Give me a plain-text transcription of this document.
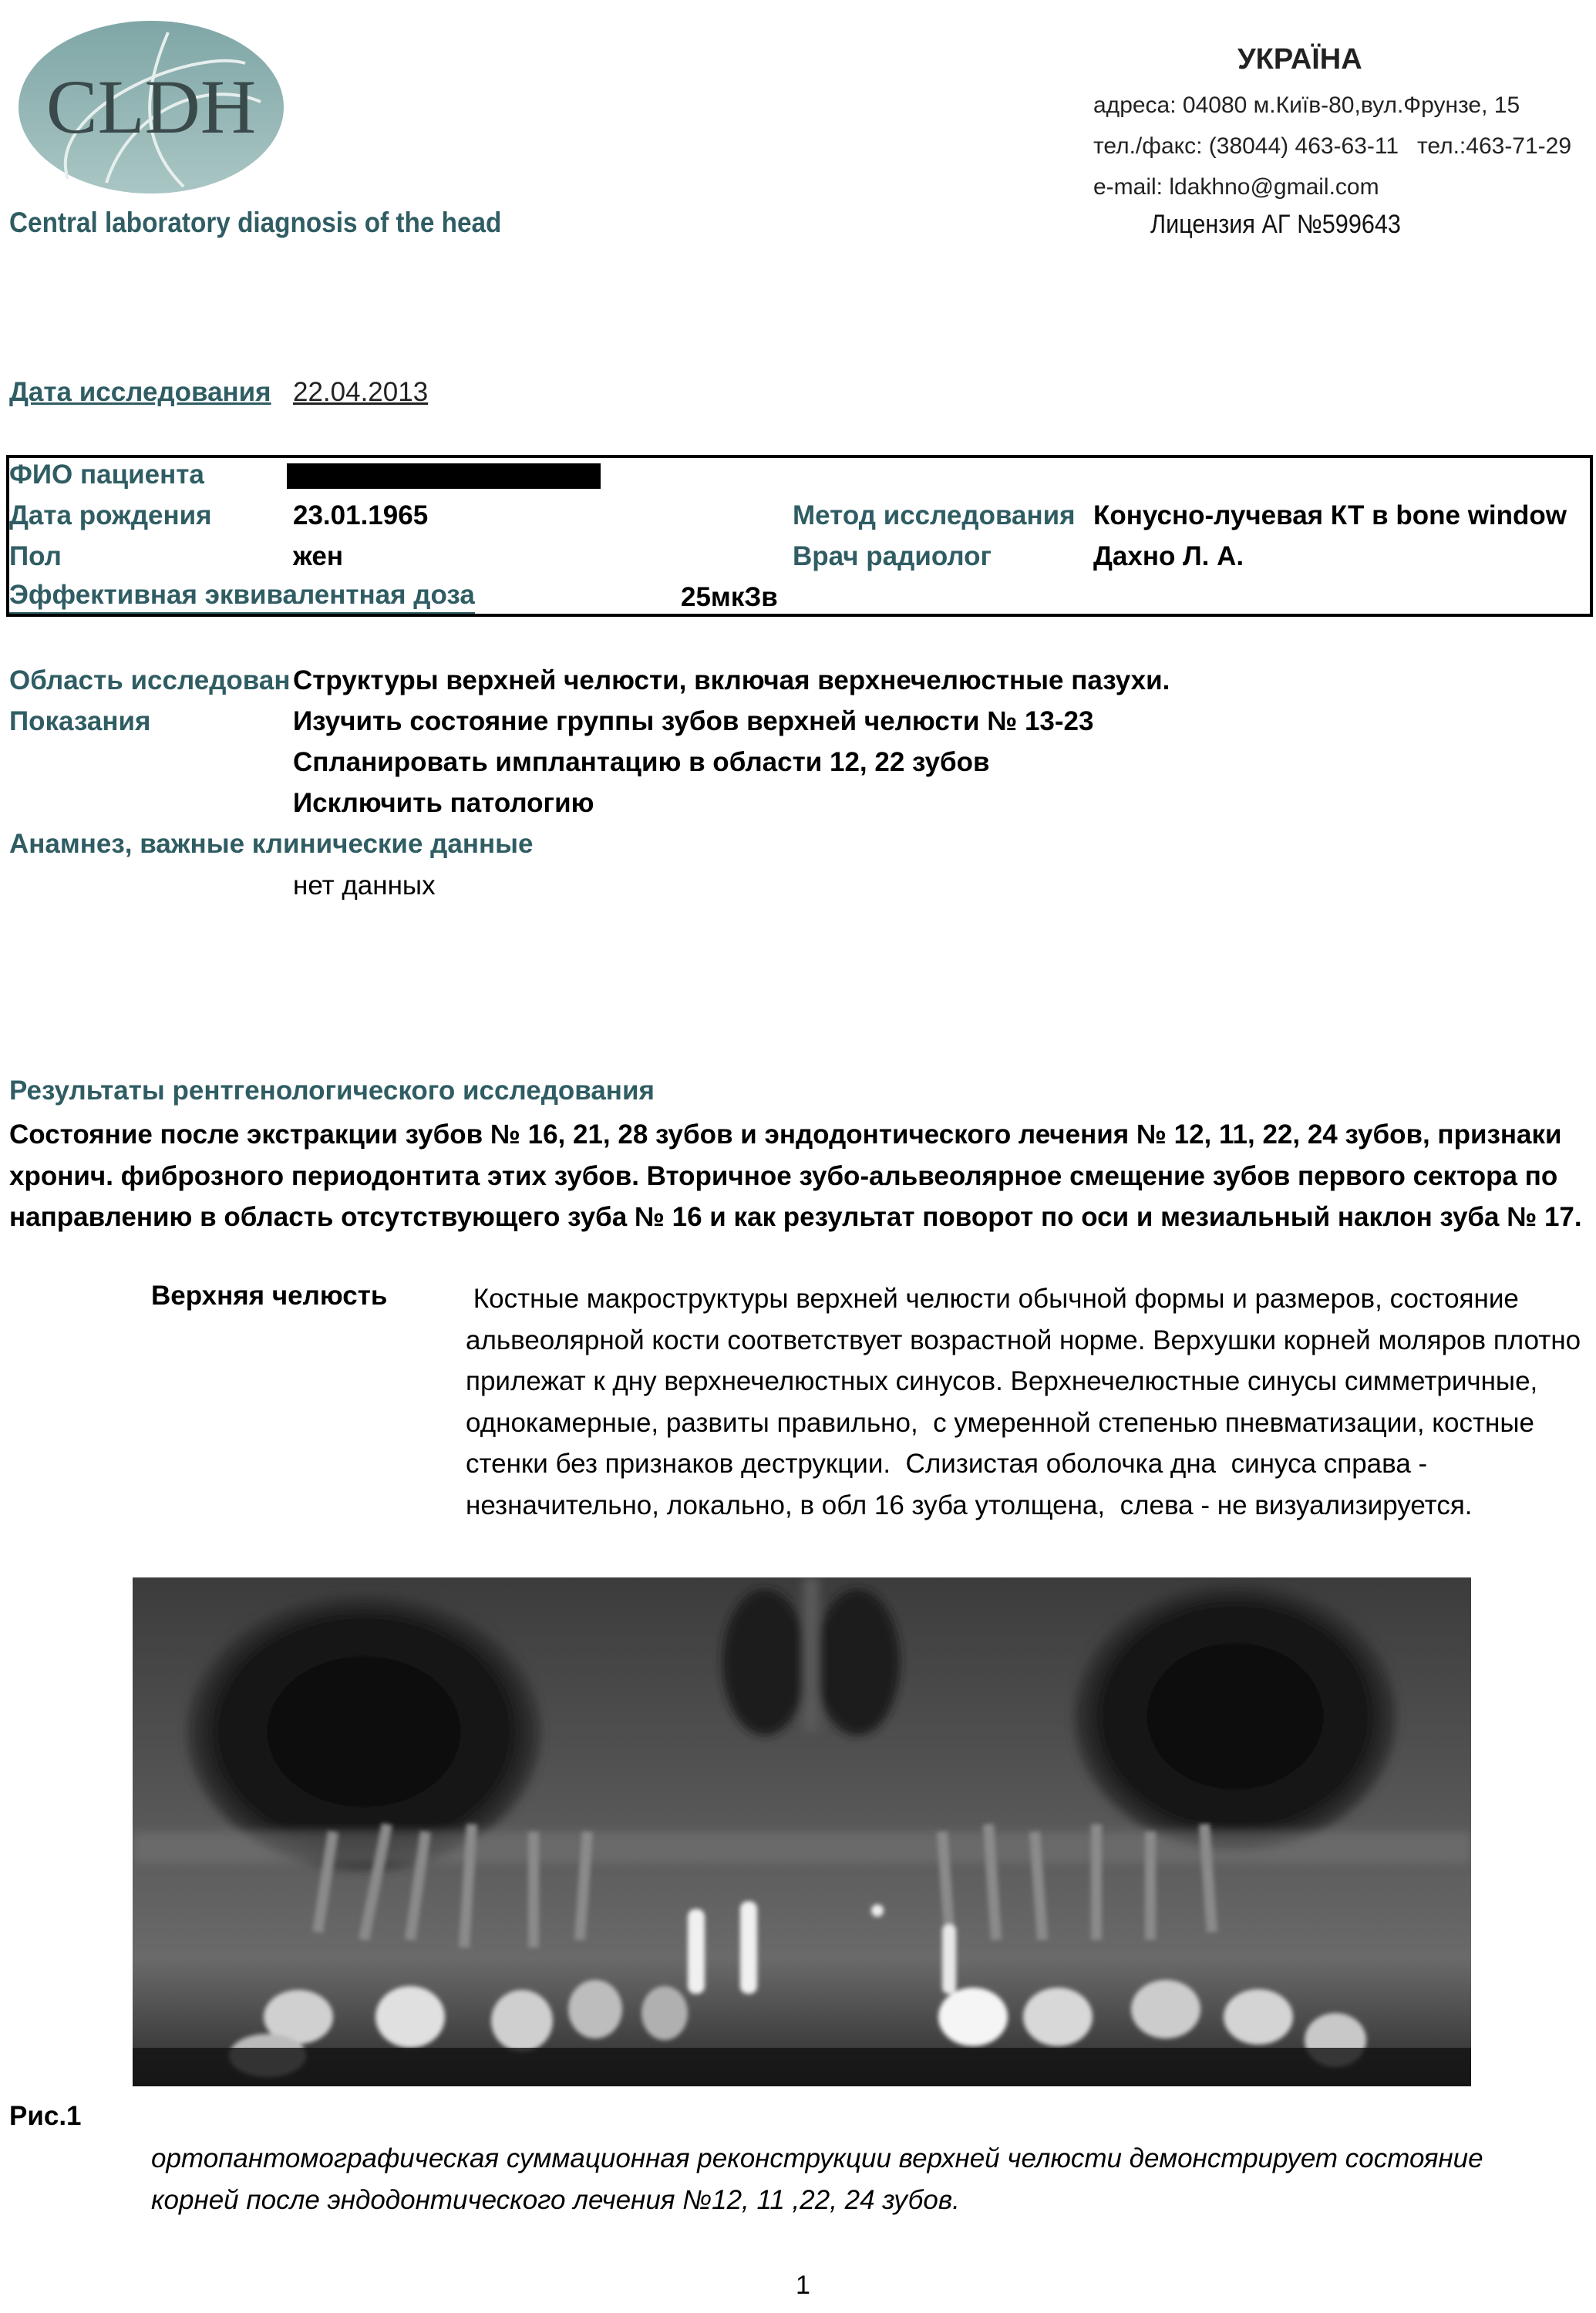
CLDH
Central laboratory diagnosis of the head
УКРАЇНА
адреса: 04080 м.Київ-80,вул.Фрунзе, 15
тел./факс: (38044) 463-63-11 тел.:463-71-29
e-mail: ldakhno@gmail.com
Лицензия АГ №599643
Дата исследования 22.04.2013
ФИО пациента
Дата рождения	23.01.1965	Метод исследования Конусно-лучевая КТ в bone window
Пол	жен	Врач радиолог	Дахно Л. А.
Эффективная эквивалентная доза	25мкЗв
Область исследован Структуры верхней челюсти, включая верхнечелюстные пазухи.
Показания	Изучить состояние группы зубов верхней челюсти № 13-23
Спланировать имплантацию в области 12, 22 зубов
Исключить патологию
Анамнез, важные клинические данные
нет данных
Результаты рентгенологического исследования
Состояние после экстракции зубов № 16, 21, 28 зубов и эндодонтического лечения № 12, 11, 22, 24 зубов, признаки хронич. фиброзного периодонтита этих зубов. Вторичное зубо-альвеолярное смещение зубов первого сектора по направлению в область отсутствующего зуба № 16 и как результат поворот по оси и мезиальный наклон зуба № 17.
Верхняя челюсть	Костные макроструктуры верхней челюсти обычной формы и размеров, состояние альвеолярной кости соответствует возрастной норме. Верхушки корней моляров плотно прилежат к дну верхнечелюстных синусов. Верхнечелюстные синусы симметричные, однокамерные, развиты правильно,  с умеренной степенью пневматизации, костные стенки без признаков деструкции.  Слизистая оболочка дна  синуса справа - незначительно, локально, в обл 16 зуба утолщена,  слева - не визуализируется.
Рис.1
ортопантомографическая суммационная реконструкции верхней челюсти демонстрирует состояние корней после эндодонтического лечения №12, 11 ,22, 24 зубов.
1
